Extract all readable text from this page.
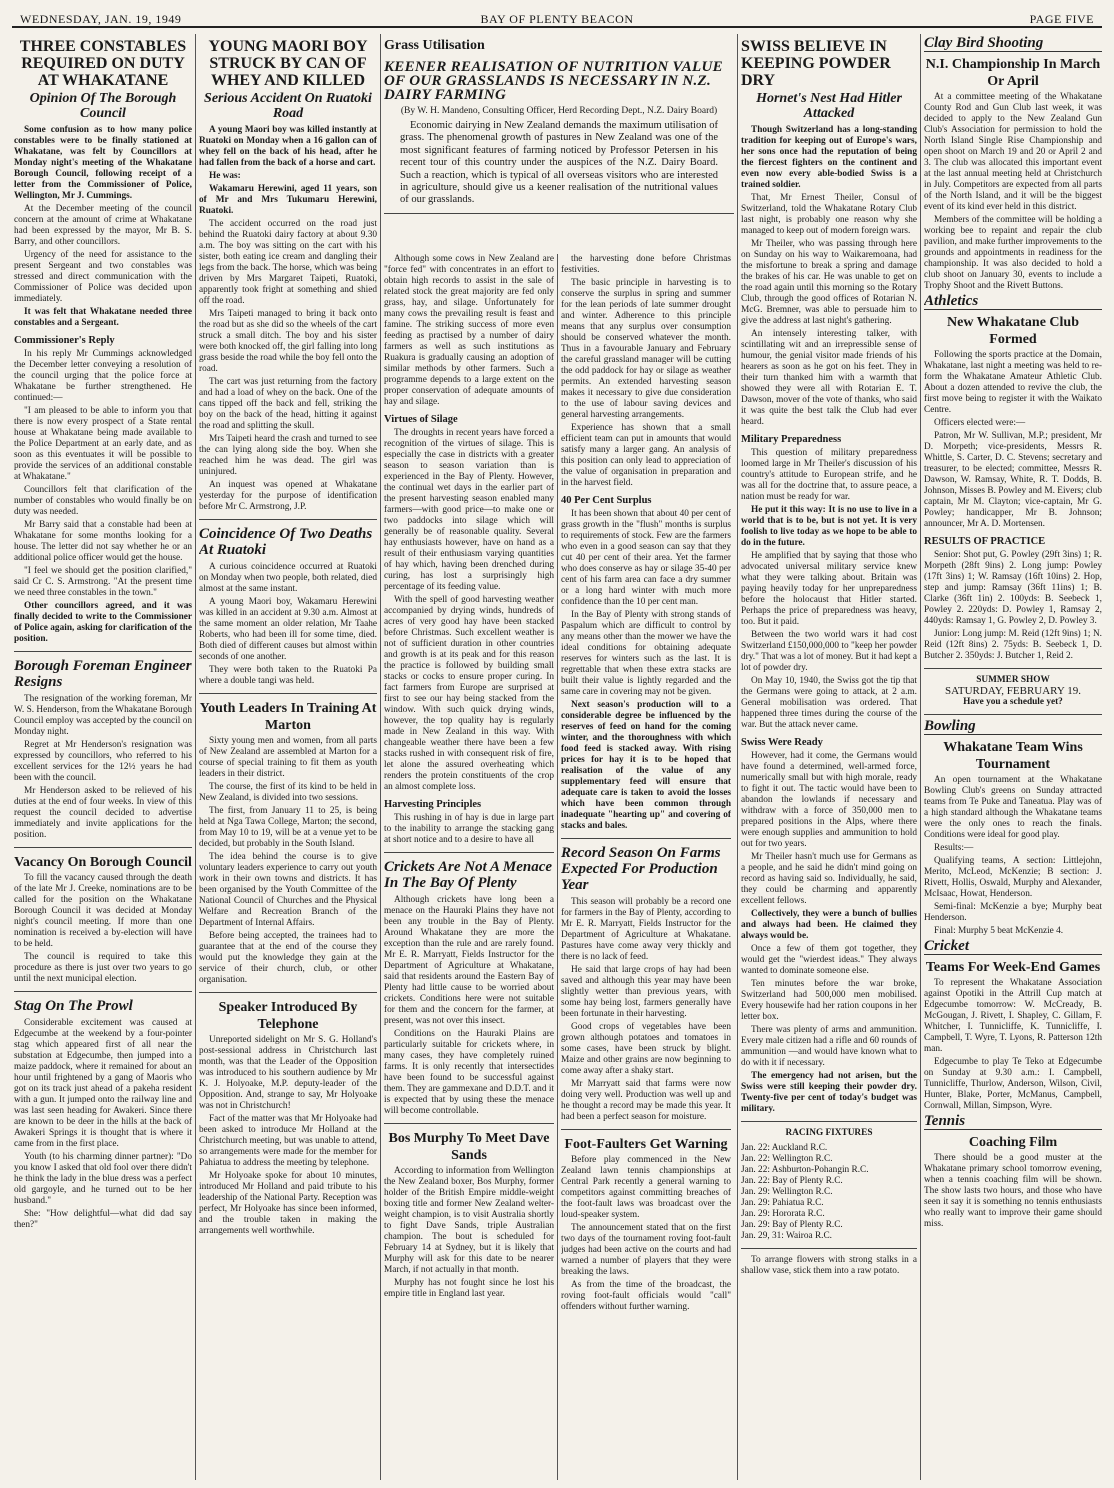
WEDNESDAY, JAN. 19, 1949	BAY OF PLENTY BEACON	PAGE FIVE
THREE CONSTABLES REQUIRED ON DUTY AT WHAKATANE
Opinion Of The Borough Council

Some confusion as to how many police constables were to be finally stationed at Whakatane, was felt by Councillors at Monday night's meeting of the Whakatane Borough Council, following receipt of a letter from the Commissioner of Police, Wellington, Mr J. Cummings.

At the December meeting of the council concern at the amount of crime at Whakatane had been expressed by the mayor, Mr B. S. Barry, and other councillors.

Urgency of the need for assistance to the present Sergeant and two constables was stressed and direct communication with the Commissioner of Police was decided upon immediately.

It was felt that Whakatane needed three constables and a Sergeant.

Commissioner's Reply

In his reply Mr Cummings acknowledged the December letter conveying a resolution of the council urging that the police force at Whakatane be further strengthened. He continued:—

"I am pleased to be able to inform you that there is now every prospect of a State rental house at Whakatane being made available to the Police Department at an early date, and as soon as this eventuates it will be possible to provide the services of an additional constable at Whakatane."

Councillors felt that clarification of the number of constables who would finally be on duty was needed.

Mr Barry said that a constable had been at Whakatane for some months looking for a house. The letter did not say whether he or an additional police officer would get the house.

"I feel we should get the position clarified," said Cr C. S. Armstrong. "At the present time we need three constables in the town."

Other councillors agreed, and it was finally decided to write to the Commissioner of Police again, asking for clarification of the position.

Borough Foreman Engineer Resigns

The resignation of the working foreman, Mr W. S. Henderson, from the Whakatane Borough Council employ was accepted by the council on Monday night.

Regret at Mr Henderson's resignation was expressed by councillors, who referred to his excellent services for the 12½ years he had been with the council.

Mr Henderson asked to be relieved of his duties at the end of four weeks. In view of this request the council decided to advertise immediately and invite applications for the position.

Vacancy On Borough Council

To fill the vacancy caused through the death of the late Mr J. Creeke, nominations are to be called for the position on the Whakatane Borough Council it was decided at Monday night's council meeting. If more than one nomination is received a by-election will have to be held.

The council is required to take this procedure as there is just over two years to go until the next municipal election.

Stag On The Prowl

Considerable excitement was caused at Edgecumbe at the weekend by a four-pointer stag which appeared first of all near the substation at Edgecumbe, then jumped into a maize paddock, where it remained for about an hour until frightened by a gang of Maoris who got on its track just ahead of a pakeha resident with a gun. It jumped onto the railway line and was last seen heading for Awakeri. Since there are known to be deer in the hills at the back of Awakeri Springs it is thought that is where it came from in the first place.

Youth (to his charming dinner partner): "Do you know I asked that old fool over there didn't he think the lady in the blue dress was a perfect old gargoyle, and he turned out to be her husband."

She: "How delightful—what did dad say then?"

YOUNG MAORI BOY STRUCK BY CAN OF WHEY AND KILLED
Serious Accident On Ruatoki Road

A young Maori boy was killed instantly at Ruatoki on Monday when a 16 gallon can of whey fell on the back of his head, after he had fallen from the back of a horse and cart.

He was:

Wakamaru Herewini, aged 11 years, son of Mr and Mrs Tukumaru Herewini, Ruatoki.

The accident occurred on the road just behind the Ruatoki dairy factory at about 9.30 a.m. The boy was sitting on the cart with his sister, both eating ice cream and dangling their legs from the back. The horse, which was being driven by Mrs Margaret Taipeti, Ruatoki, apparently took fright at something and shied off the road.

Mrs Taipeti managed to bring it back onto the road but as she did so the wheels of the cart struck a small ditch. The boy and his sister were both knocked off, the girl falling into long grass beside the road while the boy fell onto the road.

The cart was just returning from the factory and had a load of whey on the back. One of the cans tipped off the back and fell, striking the boy on the back of the head, hitting it against the road and splitting the skull.

Mrs Taipeti heard the crash and turned to see the can lying along side the boy. When she reached him he was dead. The girl was uninjured.

An inquest was opened at Whakatane yesterday for the purpose of identification before Mr C. Armstrong, J.P.

Coincidence Of Two Deaths At Ruatoki

A curious coincidence occurred at Ruatoki on Monday when two people, both related, died almost at the same instant.

A young Maori boy, Wakamaru Herewini was killed in an accident at 9.30 a.m. Almost at the same moment an older relation, Mr Taahe Roberts, who had been ill for some time, died. Both died of different causes but almost within seconds of one another.

They were both taken to the Ruatoki Pa where a double tangi was held.

Youth Leaders In Training At Marton

Sixty young men and women, from all parts of New Zealand are assembled at Marton for a course of special training to fit them as youth leaders in their district.

The course, the first of its kind to be held in New Zealand, is divided into two sessions.

The first, from January 11 to 25, is being held at Nga Tawa College, Marton; the second, from May 10 to 19, will be at a venue yet to be decided, but probably in the South Island.

The idea behind the course is to give voluntary leaders experience to carry out youth work in their own towns and districts. It has been organised by the Youth Committee of the National Council of Churches and the Physical Welfare and Recreation Branch of the Department of Internal Affairs.

Before being accepted, the trainees had to guarantee that at the end of the course they would put the knowledge they gain at the service of their church, club, or other organisation.

Speaker Introduced By Telephone

Unreported sidelight on Mr S. G. Holland's post-sessional address in Christchurch last month, was that the Leader of the Opposition was introduced to his southern audience by Mr K. J. Holyoake, M.P. deputy-leader of the Opposition. And, strange to say, Mr Holyoake was not in Christchurch!

Fact of the matter was that Mr Holyoake had been asked to introduce Mr Holland at the Christchurch meeting, but was unable to attend, so arrangements were made for the member for Pahiatua to address the meeting by telephone.

Mr Holyoake spoke for about 10 minutes, introduced Mr Holland and paid tribute to his leadership of the National Party. Reception was perfect, Mr Holyoake has since been informed, and the trouble taken in making the arrangements well worthwhile.

Grass Utilisation
KEENER REALISATION OF NUTRITION VALUE OF OUR GRASSLANDS IS NECESSARY IN N.Z. DAIRY FARMING
(By W. H. Mandeno, Consulting Officer, Herd Recording Dept., N.Z. Dairy Board)

Economic dairying in New Zealand demands the maximum utilisation of grass. The phenomenal growth of pastures in New Zealand was one of the most significant features of farming noticed by Professor Petersen in his recent tour of this country under the auspices of the N.Z. Dairy Board. Such a reaction, which is typical of all overseas visitors who are interested in agriculture, should give us a keener realisation of the nutritional values of our grasslands.

Although some cows in New Zealand are "force fed" with concentrates in an effort to obtain high records to assist in the sale of related stock the great majority are fed only grass, hay, and silage. Unfortunately for many cows the prevailing result is feast and famine. The striking success of more even feeding as practised by a number of dairy farmers as well as such institutions as Ruakura is gradually causing an adoption of similar methods by other farmers. Such a programme depends to a large extent on the proper conservation of adequate amounts of hay and silage.

Virtues of Silage

The droughts in recent years have forced a recognition of the virtues of silage. This is especially the case in districts with a greater season to season variation than is experienced in the Bay of Plenty. However, the continual wet days in the earlier part of the present harvesting season enabled many farmers—with good price—to make one or two paddocks into silage which will generally be of reasonable quality. Several hay enthusiasts however, have on hand as a result of their enthusiasm varying quantities of hay which, having been drenched during curing, has lost a surprisingly high percentage of its feeding value.

With the spell of good harvesting weather accompanied by drying winds, hundreds of acres of very good hay have been stacked before Christmas. Such excellent weather is not of sufficient duration in other countries and growth is at its peak and for this reason the practice is followed by building small stacks or cocks to ensure proper curing. In fact farmers from Europe are surprised at first to see our hay being stacked from the window. With such quick drying winds, however, the top quality hay is regularly made in New Zealand in this way. With changeable weather there have been a few stacks rushed in with consequent risk of fire, let alone the assured overheating which renders the protein constituents of the crop an almost complete loss.

Harvesting Principles

This rushing in of hay is due in large part to the inability to arrange the stacking gang at short notice and to a desire to have all

Crickets Are Not A Menace In The Bay Of Plenty

Although crickets have long been a menace on the Hauraki Plains they have not been any trouble in the Bay of Plenty. Around Whakatane they are more the exception than the rule and are rarely found. Mr E. R. Marryatt, Fields Instructor for the Department of Agriculture at Whakatane, said that residents around the Eastern Bay of Plenty had little cause to be worried about crickets. Conditions here were not suitable for them and the concern for the farmer, at present, was not over this insect.

Conditions on the Hauraki Plains are particularly suitable for crickets where, in many cases, they have completely ruined farms. It is only recently that intersectides have been found to be successful against them. They are gammexane and D.D.T. and it is expected that by using these the menace will become controllable.

Bos Murphy To Meet Dave Sands

According to information from Wellington the New Zealand boxer, Bos Murphy, former holder of the British Empire middle-weight boxing title and former New Zealand welter-weight champion, is to visit Australia shortly to fight Dave Sands, triple Australian champion. The bout is scheduled for February 14 at Sydney, but it is likely that Murphy will ask for this date to be nearer March, if not actually in that month.

Murphy has not fought since he lost his empire title in England last year.

the harvesting done before Christmas festivities.

The basic principle in harvesting is to conserve the surplus in spring and summer for the lean periods of late summer drought and winter. Adherence to this principle means that any surplus over consumption should be conserved whatever the month. Thus in a favourable January and February the careful grassland manager will be cutting the odd paddock for hay or silage as weather permits. An extended harvesting season makes it necessary to give due consideration to the use of labour saving devices and general harvesting arrangements.

Experience has shown that a small efficient team can put in amounts that would satisfy many a larger gang. An analysis of this position can only lead to appreciation of the value of organisation in preparation and in the harvest field.

40 Per Cent Surplus

It has been shown that about 40 per cent of grass growth in the "flush" months is surplus to requirements of stock. Few are the farmers who even in a good season can say that they cut 40 per cent of their area. Yet the farmer who does conserve as hay or silage 35-40 per cent of his farm area can face a dry summer or a long hard winter with much more confidence than the 10 per cent man.

In the Bay of Plenty with strong stands of Paspalum which are difficult to control by any means other than the mower we have the ideal conditions for obtaining adequate reserves for winters such as the last. It is regrettable that when these extra stacks are built their value is lightly regarded and the same care in covering may not be given.

Next season's production will to a considerable degree be influenced by the reserves of feed on hand for the coming winter, and the thoroughness with which food feed is stacked away. With rising prices for hay it is to be hoped that realisation of the value of any supplementary feed will ensure that adequate care is taken to avoid the losses which have been common through inadequate "hearting up" and covering of stacks and bales.

Record Season On Farms Expected For Production Year

This season will probably be a record one for farmers in the Bay of Plenty, according to Mr E. R. Marryatt, Fields Instructor for the Department of Agriculture at Whakatane. Pastures have come away very thickly and there is no lack of feed.

He said that large crops of hay had been saved and although this year may have been slightly wetter than previous years, with some hay being lost, farmers generally have been fortunate in their harvesting.

Good crops of vegetables have been grown although potatoes and tomatoes in some cases, have been struck by blight. Maize and other grains are now beginning to come away after a shaky start.

Mr Marryatt said that farms were now doing very well. Production was well up and he thought a record may be made this year. It had been a perfect season for moisture.

Foot-Faulters Get Warning

Before play commenced in the New Zealand lawn tennis championships at Central Park recently a general warning to competitors against committing breaches of the foot-fault laws was broadcast over the loud-speaker system.

The announcement stated that on the first two days of the tournament roving foot-fault judges had been active on the courts and had warned a number of players that they were breaking the laws.

As from the time of the broadcast, the roving foot-fault officials would "call" offenders without further warning.

SWISS BELIEVE IN KEEPING POWDER DRY
Hornet's Nest Had Hitler Attacked

Though Switzerland has a long-standing tradition for keeping out of Europe's wars, her sons once had the reputation of being the fiercest fighters on the continent and even now every able-bodied Swiss is a trained soldier.

That, Mr Ernest Theiler, Consul of Switzerland, told the Whakatane Rotary Club last night, is probably one reason why she managed to keep out of modern foreign wars.

Mr Theiler, who was passing through here on Sunday on his way to Waikaremoana, had the misfortune to break a spring and damage the brakes of his car. He was unable to get on the road again until this morning so the Rotary Club, through the good offices of Rotarian N. McG. Bremner, was able to persuade him to give the address at last night's gathering.

An intensely interesting talker, with scintillating wit and an irrepressible sense of humour, the genial visitor made friends of his hearers as soon as he got on his feet. They in their turn thanked him with a warmth that showed they were all with Rotarian E. T. Dawson, mover of the vote of thanks, who said it was quite the best talk the Club had ever heard.

Military Preparedness

This question of military preparedness loomed large in Mr Theiler's discussion of his country's attitude to European strife, and he was all for the doctrine that, to assure peace, a nation must be ready for war.

He put it this way: It is no use to live in a world that is to be, but is not yet. It is very foolish to live today as we hope to be able to do in the future.

He amplified that by saying that those who advocated universal military service knew what they were talking about. Britain was paying heavily today for her unpreparedness before the holocaust that Hitler started. Perhaps the price of preparedness was heavy, too. But it paid.

Between the two world wars it had cost Switzerland £150,000,000 to "keep her powder dry." That was a lot of money. But it had kept a lot of powder dry.

On May 10, 1940, the Swiss got the tip that the Germans were going to attack, at 2 a.m. General mobilisation was ordered. That happened three times during the course of the war. But the attack never came.

Swiss Were Ready

However, had it come, the Germans would have found a determined, well-armed force, numerically small but with high morale, ready to fight it out. The tactic would have been to abandon the lowlands if necessary and withdraw with a force of 350,000 men to prepared positions in the Alps, where there were enough supplies and ammunition to hold out for two years.

Mr Theiler hasn't much use for Germans as a people, and he said he didn't mind going on record as having said so. Individually, he said, they could be charming and apparently excellent fellows.

Collectively, they were a bunch of bullies and always had been. He claimed they always would be.

Once a few of them got together, they would get the "wierdest ideas." They always wanted to dominate someone else.

Ten minutes before the war broke, Switzerland had 500,000 men mobilised. Every housewife had her ration coupons in her letter box.

There was plenty of arms and ammunition. Every male citizen had a rifle and 60 rounds of ammunition —and would have known what to do with it if necessary.

The emergency had not arisen, but the Swiss were still keeping their powder dry. Twenty-five per cent of today's budget was military.

RACING FIXTURES
Jan. 22: Auckland R.C.
Jan. 22: Wellington R.C.
Jan. 22: Ashburton-Pohangin R.C.
Jan. 22: Bay of Plenty R.C.
Jan. 29: Wellington R.C.
Jan. 29: Pahiatua R.C.
Jan. 29: Hororata R.C.
Jan. 29: Bay of Plenty R.C.
Jan. 29, 31: Wairoa R.C.

To arrange flowers with strong stalks in a shallow vase, stick them into a raw potato.

Clay Bird Shooting
N.I. Championship In March Or April

At a committee meeting of the Whakatane County Rod and Gun Club last week, it was decided to apply to the New Zealand Gun Club's Association for permission to hold the North Island Single Rise Championship and open shoot on March 19 and 20 or April 2 and 3. The club was allocated this important event at the last annual meeting held at Christchurch in July. Competitors are expected from all parts of the North Island, and it will be the biggest event of its kind ever held in this district.

Members of the committee will be holding a working bee to repaint and repair the club pavilion, and make further improvements to the grounds and appointments in readiness for the championship. It was also decided to hold a club shoot on January 30, events to include a Trophy Shoot and the Rivett Buttons.

Athletics
New Whakatane Club Formed

Following the sports practice at the Domain, Whakatane, last night a meeting was held to re-form the Whakatane Amateur Athletic Club. About a dozen attended to revive the club, the first move being to register it with the Waikato Centre.

Officers elected were:—

Patron, Mr W. Sullivan, M.P.; president, Mr D. Morpeth; vice-presidents, Messrs R. Whittle, S. Carter, D. C. Stevens; secretary and treasurer, to be elected; committee, Messrs R. Dawson, W. Ramsay, White, R. T. Dodds, B. Johnson, Misses B. Powley and M. Eivers; club captain, Mr M. Clayton; vice-captain, Mr G. Powley; handicapper, Mr B. Johnson; announcer, Mr A. D. Mortensen.

RESULTS OF PRACTICE

Senior: Shot put, G. Powley (29ft 3ins) 1; R. Morpeth (28ft 9ins) 2. Long jump: Powley (17ft 3ins) 1; W. Ramsay (16ft 10ins) 2. Hop, step and jump: Ramsay (36ft 11ins) 1; B. Clarke (36ft 1in) 2. 100yds: B. Seebeck 1, Powley 2. 220yds: D. Powley 1, Ramsay 2, 440yds: Ramsay 1, G. Powley 2, D. Powley 3.

Junior: Long jump: M. Reid (12ft 9ins) 1; N. Reid (12ft 8ins) 2. 75yds: B. Seebeck 1, D. Butcher 2. 350yds: J. Butcher 1, Reid 2.

SUMMER SHOW
SATURDAY, FEBRUARY 19.
Have you a schedule yet?
Bowling
Whakatane Team Wins Tournament

An open tournament at the Whakatane Bowling Club's greens on Sunday attracted teams from Te Puke and Taneatua. Play was of a high standard although the Whakatane teams were the only ones to reach the finals. Conditions were ideal for good play.

Results:—

Qualifying teams, A section: Littlejohn, Merito, McLeod, McKenzie; B section: J. Rivett, Hollis, Oswald, Murphy and Alexander, McIsaac, Howat, Henderson.

Semi-final: McKenzie a bye; Murphy beat Henderson.

Final: Murphy 5 beat McKenzie 4.

Cricket
Teams For Week-End Games

To represent the Whakatane Association against Opotiki in the Attrill Cup match at Edgecumbe tomorrow: W. McCready, B. McGougan, J. Rivett, I. Shapley, C. Gillam, F. Whitcher, I. Tunnicliffe, K. Tunnicliffe, I. Campbell, T. Wyre, T. Lyons, R. Patterson 12th man.

Edgecumbe to play Te Teko at Edgecumbe on Sunday at 9.30 a.m.: I. Campbell, Tunnicliffe, Thurlow, Anderson, Wilson, Civil, Hunter, Blake, Porter, McManus, Campbell, Cornwall, Millan, Simpson, Wyre.

Tennis
Coaching Film

There should be a good muster at the Whakatane primary school tomorrow evening, when a tennis coaching film will be shown. The show lasts two hours, and those who have seen it say it is something no tennis enthusiasts who really want to improve their game should miss.
